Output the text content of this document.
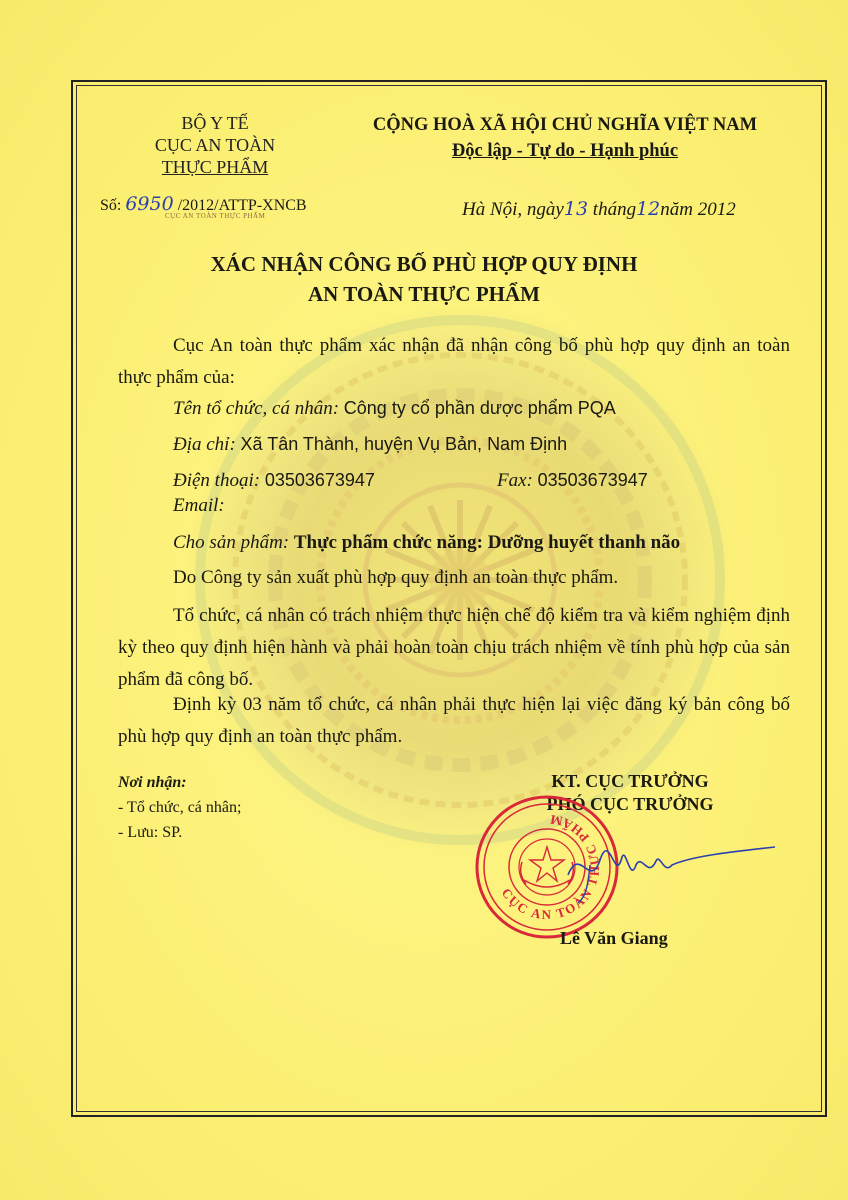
BỘ Y TẾ
CỤC AN TOÀN
THỰC PHẨM
Số: 6950 /2012/ATTP-XNCB
CỤC AN TOÀN THỰC PHẨM
CỘNG HOÀ XÃ HỘI CHỦ NGHĨA VIỆT NAM
Độc lập - Tự do - Hạnh phúc
Hà Nội, ngày13 tháng12năm 2012
XÁC NHẬN CÔNG BỐ PHÙ HỢP QUY ĐỊNH
AN TOÀN THỰC PHẨM
Cục An toàn thực phẩm xác nhận đã nhận công bố phù hợp quy định an toàn thực phẩm của:
Tên tổ chức, cá nhân: Công ty cổ phần dược phẩm PQA
Địa chỉ: Xã Tân Thành, huyện Vụ Bản, Nam Định
Điện thoại: 03503673947	Fax: 03503673947
Email:
Cho sản phẩm: Thực phẩm chức năng: Dưỡng huyết thanh não
Do Công ty sản xuất phù hợp quy định an toàn thực phẩm.
Tổ chức, cá nhân có trách nhiệm thực hiện chế độ kiểm tra và kiểm nghiệm định kỳ theo quy định hiện hành và phải hoàn toàn chịu trách nhiệm về tính phù hợp của sản phẩm đã công bố.
Định kỳ 03 năm tổ chức, cá nhân phải thực hiện lại việc đăng ký bản công bố phù hợp quy định an toàn thực phẩm.
Nơi nhận:
- Tổ chức, cá nhân;
- Lưu: SP.
KT. CỤC TRƯỞNG
PHÓ CỤC TRƯỞNG
CỤC AN TOÀN THỰC PHẨM
Lê Văn Giang
